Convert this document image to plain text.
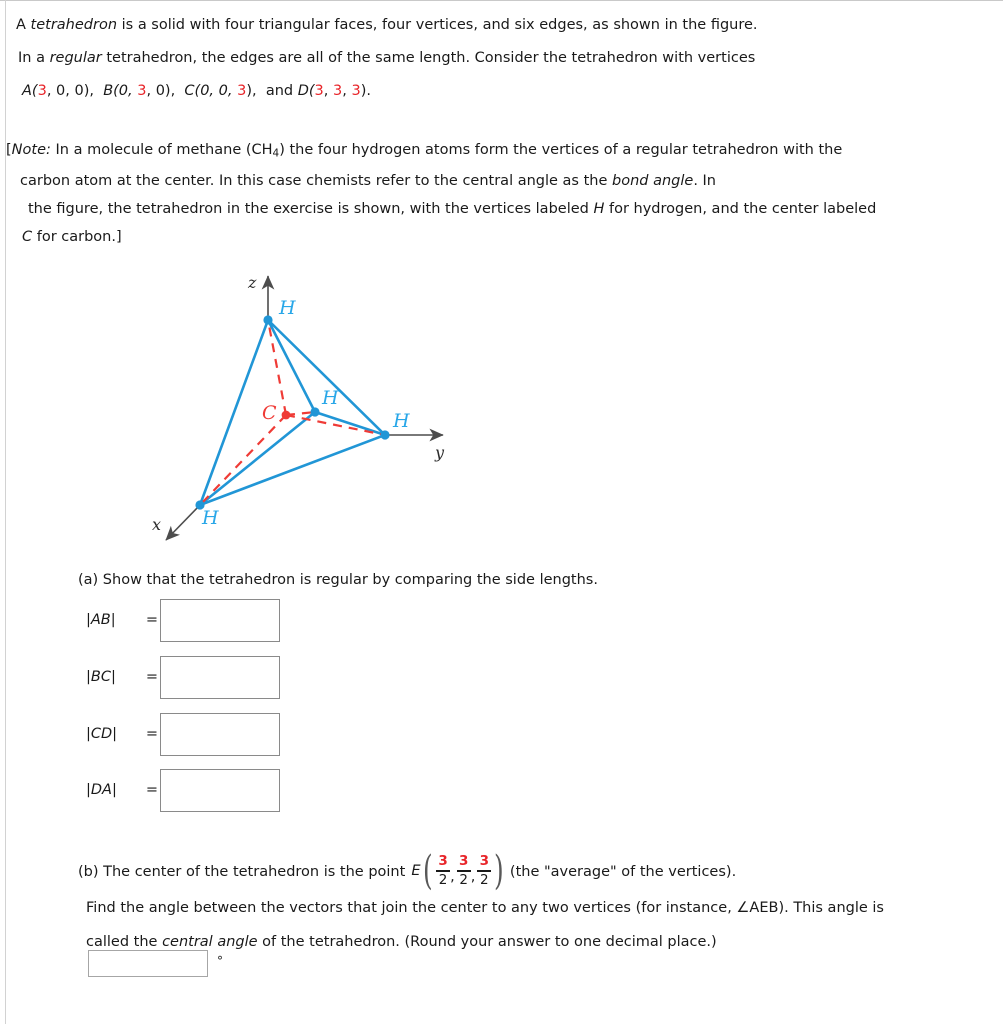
A tetrahedron is a solid with four triangular faces, four vertices, and six edges, as shown in the figure.
In a regular tetrahedron, the edges are all of the same length. Consider the tetrahedron with vertices
A(3, 0, 0), B(0, 3, 0), C(0, 0, 3), and D(3, 3, 3).
[Note: In a molecule of methane $(CH_4)$ the four hydrogen atoms form the vertices of a regular tetrahedron with the
carbon atom at the center. In this case chemists refer to the central angle as the bond angle. In
the figure, the tetrahedron in the exercise is shown, with the vertices labeled H for hydrogen, and the center labeled
C for carbon.]
z
y
x
H
H
H
H
C
(a) Show that the tetrahedron is regular by comparing the side lengths.
|AB|	=
|BC|	=
|CD|	=
|DA|	=
(b) The center of the tetrahedron is the point E ( $\frac{3}{2}$ , $\frac{3}{2}$ , $\frac{3}{2}$ ) (the "average" of the vertices).
Find the angle between the vectors that join the center to any two vertices (for instance, ∠AEB). This angle is
called the central angle of the tetrahedron. (Round your answer to one decimal place.)
°
